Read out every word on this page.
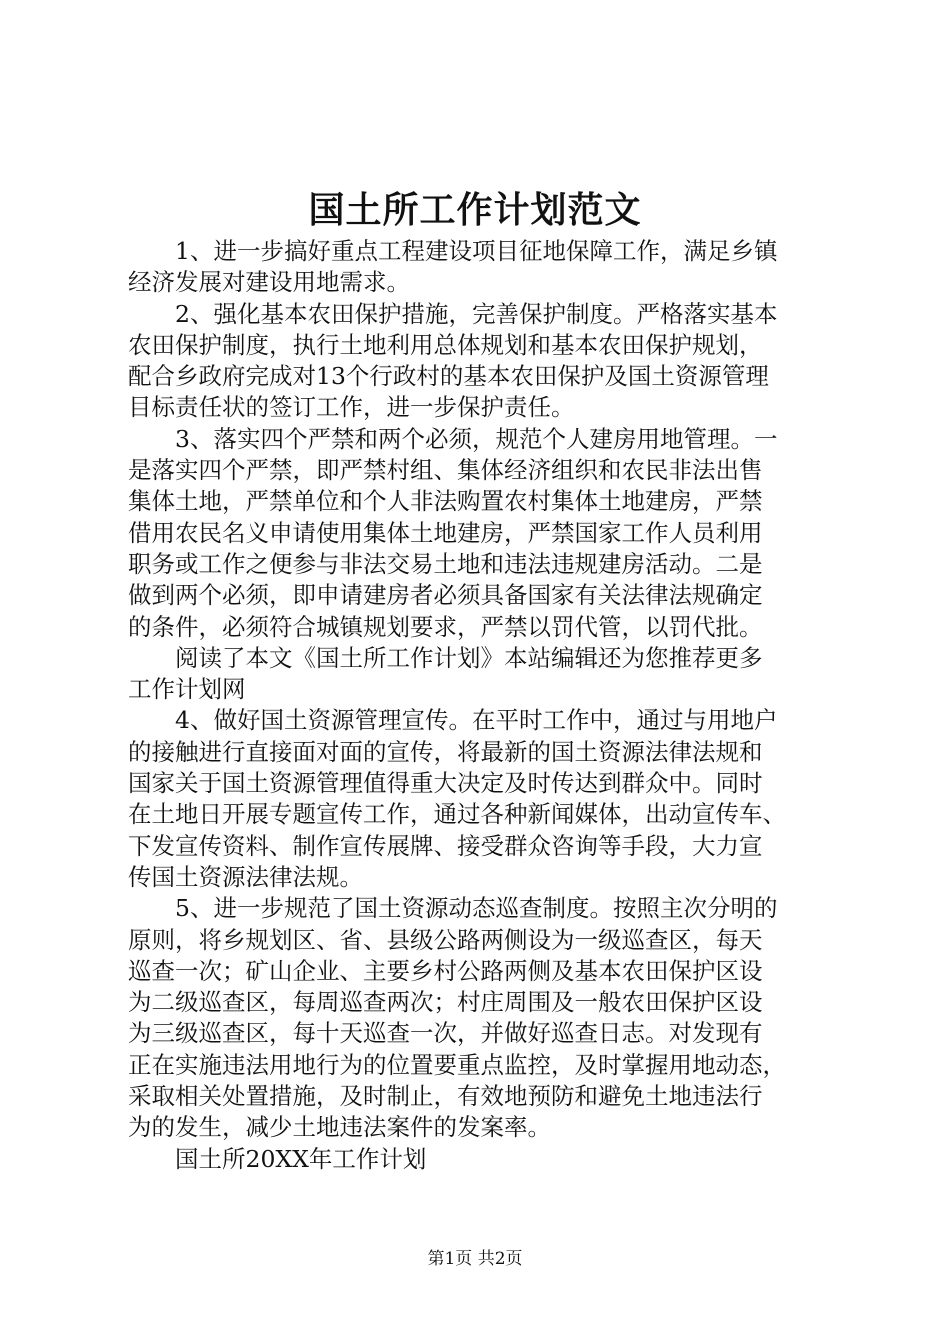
国土所工作计划范文
　　1、进一步搞好重点工程建设项目征地保障工作，满足乡镇
经济发展对建设用地需求。
　　2、强化基本农田保护措施，完善保护制度。严格落实基本
农田保护制度，执行土地利用总体规划和基本农田保护规划，
配合乡政府完成对13个行政村的基本农田保护及国土资源管理
目标责任状的签订工作，进一步保护责任。
　　3、落实四个严禁和两个必须，规范个人建房用地管理。一
是落实四个严禁，即严禁村组、集体经济组织和农民非法出售
集体土地，严禁单位和个人非法购置农村集体土地建房，严禁
借用农民名义申请使用集体土地建房，严禁国家工作人员利用
职务或工作之便参与非法交易土地和违法违规建房活动。二是
做到两个必须，即申请建房者必须具备国家有关法律法规确定
的条件，必须符合城镇规划要求，严禁以罚代管，以罚代批。
　　阅读了本文《国土所工作计划》本站编辑还为您推荐更多
工作计划网
　　4、做好国土资源管理宣传。在平时工作中，通过与用地户
的接触进行直接面对面的宣传，将最新的国土资源法律法规和
国家关于国土资源管理值得重大决定及时传达到群众中。同时
在土地日开展专题宣传工作，通过各种新闻媒体，出动宣传车、
下发宣传资料、制作宣传展牌、接受群众咨询等手段，大力宣
传国土资源法律法规。
　　5、进一步规范了国土资源动态巡查制度。按照主次分明的
原则，将乡规划区、省、县级公路两侧设为一级巡查区，每天
巡查一次；矿山企业、主要乡村公路两侧及基本农田保护区设
为二级巡查区，每周巡查两次；村庄周围及一般农田保护区设
为三级巡查区，每十天巡查一次，并做好巡查日志。对发现有
正在实施违法用地行为的位置要重点监控，及时掌握用地动态，
采取相关处置措施，及时制止，有效地预防和避免土地违法行
为的发生，减少土地违法案件的发案率。
　　国土所20XX年工作计划
第1页 共2页
